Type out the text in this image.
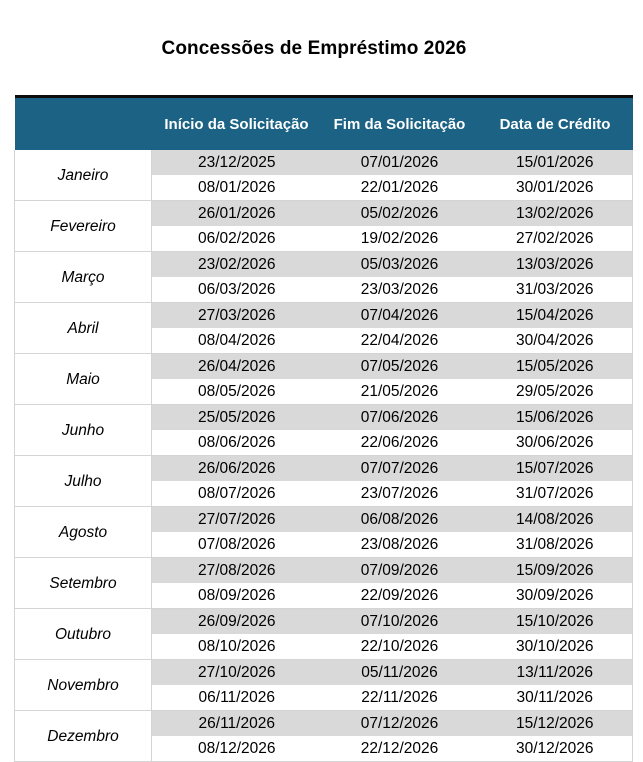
Concessões de Empréstimo 2026
	Início da Solicitação	Fim da Solicitação	Data de Crédito
Janeiro	23/12/2025	07/01/2026	15/01/2026
	08/01/2026	22/01/2026	30/01/2026
Fevereiro	26/01/2026	05/02/2026	13/02/2026
	06/02/2026	19/02/2026	27/02/2026
Março	23/02/2026	05/03/2026	13/03/2026
	06/03/2026	23/03/2026	31/03/2026
Abril	27/03/2026	07/04/2026	15/04/2026
	08/04/2026	22/04/2026	30/04/2026
Maio	26/04/2026	07/05/2026	15/05/2026
	08/05/2026	21/05/2026	29/05/2026
Junho	25/05/2026	07/06/2026	15/06/2026
	08/06/2026	22/06/2026	30/06/2026
Julho	26/06/2026	07/07/2026	15/07/2026
	08/07/2026	23/07/2026	31/07/2026
Agosto	27/07/2026	06/08/2026	14/08/2026
	07/08/2026	23/08/2026	31/08/2026
Setembro	27/08/2026	07/09/2026	15/09/2026
	08/09/2026	22/09/2026	30/09/2026
Outubro	26/09/2026	07/10/2026	15/10/2026
	08/10/2026	22/10/2026	30/10/2026
Novembro	27/10/2026	05/11/2026	13/11/2026
	06/11/2026	22/11/2026	30/11/2026
Dezembro	26/11/2026	07/12/2026	15/12/2026
	08/12/2026	22/12/2026	30/12/2026
